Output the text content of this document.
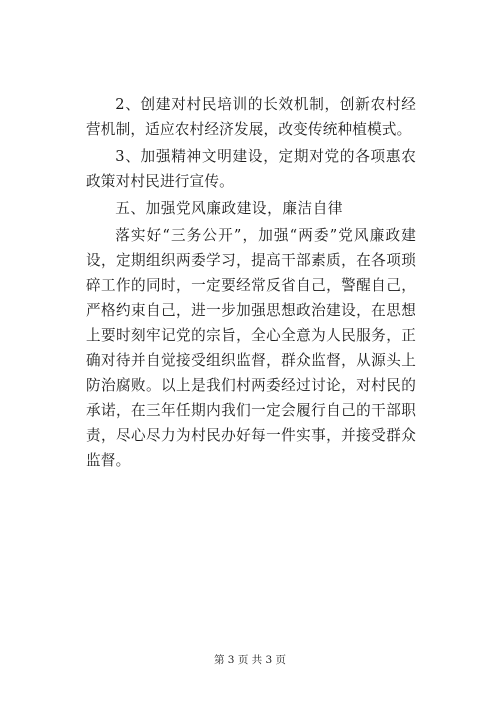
2、创建对村民培训的长效机制，创新农村经营机制，适应农村经济发展，改变传统种植模式。

3、加强精神文明建设，定期对党的各项惠农政策对村民进行宣传。

五、加强党风廉政建设，廉洁自律

落实好“三务公开”，加强“两委”党风廉政建设，定期组织两委学习，提高干部素质，在各项琐碎工作的同时，一定要经常反省自己，警醒自己，严格约束自己，进一步加强思想政治建设，在思想上要时刻牢记党的宗旨，全心全意为人民服务，正确对待并自觉接受组织监督，群众监督，从源头上防治腐败。以上是我们村两委经过讨论，对村民的承诺，在三年任期内我们一定会履行自己的干部职责，尽心尽力为村民办好每一件实事，并接受群众监督。

第 3 页 共 3 页
